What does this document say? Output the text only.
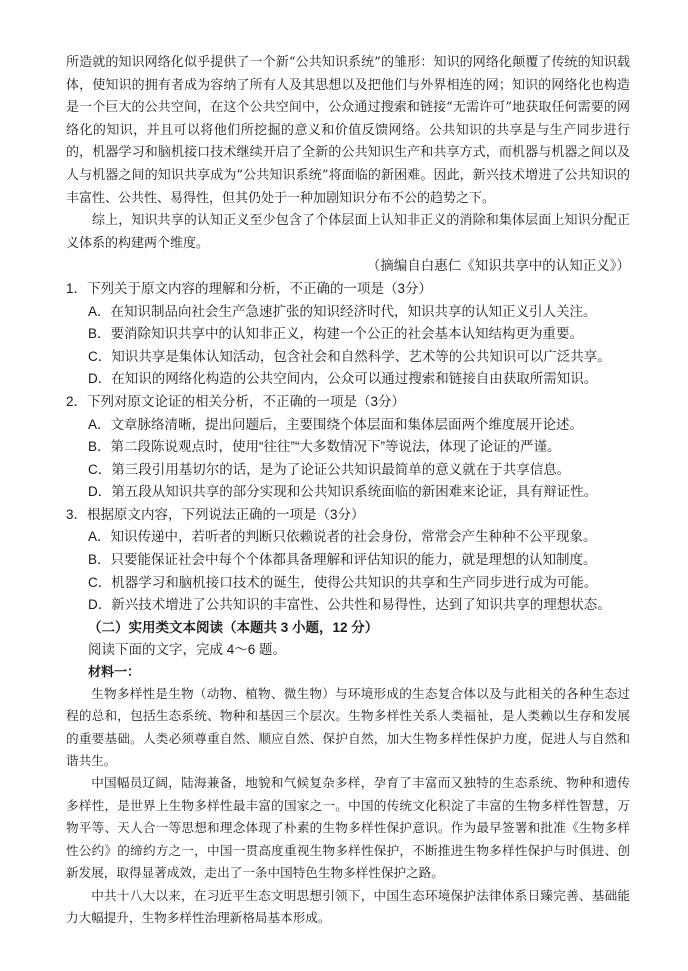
所造就的知识网络化似乎提供了一个新“公共知识系统”的雏形：知识的网络化颠覆了传统的知识载体，使知识的拥有者成为容纳了所有人及其思想以及把他们与外界相连的网；知识的网络化也构造是一个巨大的公共空间，在这个公共空间中，公众通过搜索和链接“无需许可”地获取任何需要的网络化的知识，并且可以将他们所挖掘的意义和价值反馈网络。公共知识的共享是与生产同步进行的，机器学习和脑机接口技术继续开启了全新的公共知识生产和共享方式，而机器与机器之间以及人与机器之间的知识共享成为“公共知识系统”将面临的新困难。因此，新兴技术增进了公共知识的丰富性、公共性、易得性，但其仍处于一种加剧知识分布不公的趋势之下。

综上，知识共享的认知正义至少包含了个体层面上认知非正义的消除和集体层面上知识分配正义体系的构建两个维度。

（摘编自白惠仁《知识共享中的认知正义》）

1．下列关于原文内容的理解和分析，不正确的一项是（3分）

A．在知识制品向社会生产急速扩张的知识经济时代，知识共享的认知正义引人关注。

B．要消除知识共享中的认知非正义，构建一个公正的社会基本认知结构更为重要。

C．知识共享是集体认知活动，包含社会和自然科学、艺术等的公共知识可以广泛共享。

D．在知识的网络化构造的公共空间内，公众可以通过搜索和链接自由获取所需知识。

2．下列对原文论证的相关分析，不正确的一项是（3分）

A．文章脉络清晰，提出问题后，主要围绕个体层面和集体层面两个维度展开论述。

B．第二段陈说观点时，使用“往往”“大多数情况下”等说法，体现了论证的严谨。

C．第三段引用基切尔的话，是为了论证公共知识最简单的意义就在于共享信息。

D．第五段从知识共享的部分实现和公共知识系统面临的新困难来论证，具有辩证性。

3．根据原文内容，下列说法正确的一项是（3分）

A．知识传递中，若听者的判断只依赖说者的社会身份，常常会产生种种不公平现象。

B．只要能保证社会中每个个体都具备理解和评估知识的能力，就是理想的认知制度。

C．机器学习和脑机接口技术的诞生，使得公共知识的共享和生产同步进行成为可能。

D．新兴技术增进了公共知识的丰富性、公共性和易得性，达到了知识共享的理想状态。

（二）实用类文本阅读（本题共 3 小题，12 分）

阅读下面的文字，完成 4～6 题。

材料一：

生物多样性是生物（动物、植物、微生物）与环境形成的生态复合体以及与此相关的各种生态过程的总和，包括生态系统、物种和基因三个层次。生物多样性关系人类福祉，是人类赖以生存和发展的重要基础。人类必须尊重自然、顺应自然、保护自然，加大生物多样性保护力度，促进人与自然和谐共生。

中国幅员辽阔，陆海兼备，地貌和气候复杂多样，孕育了丰富而又独特的生态系统、物种和遗传多样性，是世界上生物多样性最丰富的国家之一。中国的传统文化积淀了丰富的生物多样性智慧，万物平等、天人合一等思想和理念体现了朴素的生物多样性保护意识。作为最早签署和批准《生物多样性公约》的缔约方之一，中国一贯高度重视生物多样性保护，不断推进生物多样性保护与时俱进、创新发展，取得显著成效，走出了一条中国特色生物多样性保护之路。

中共十八大以来，在习近平生态文明思想引领下，中国生态环境保护法律体系日臻完善、基础能力大幅提升，生物多样性治理新格局基本形成。
